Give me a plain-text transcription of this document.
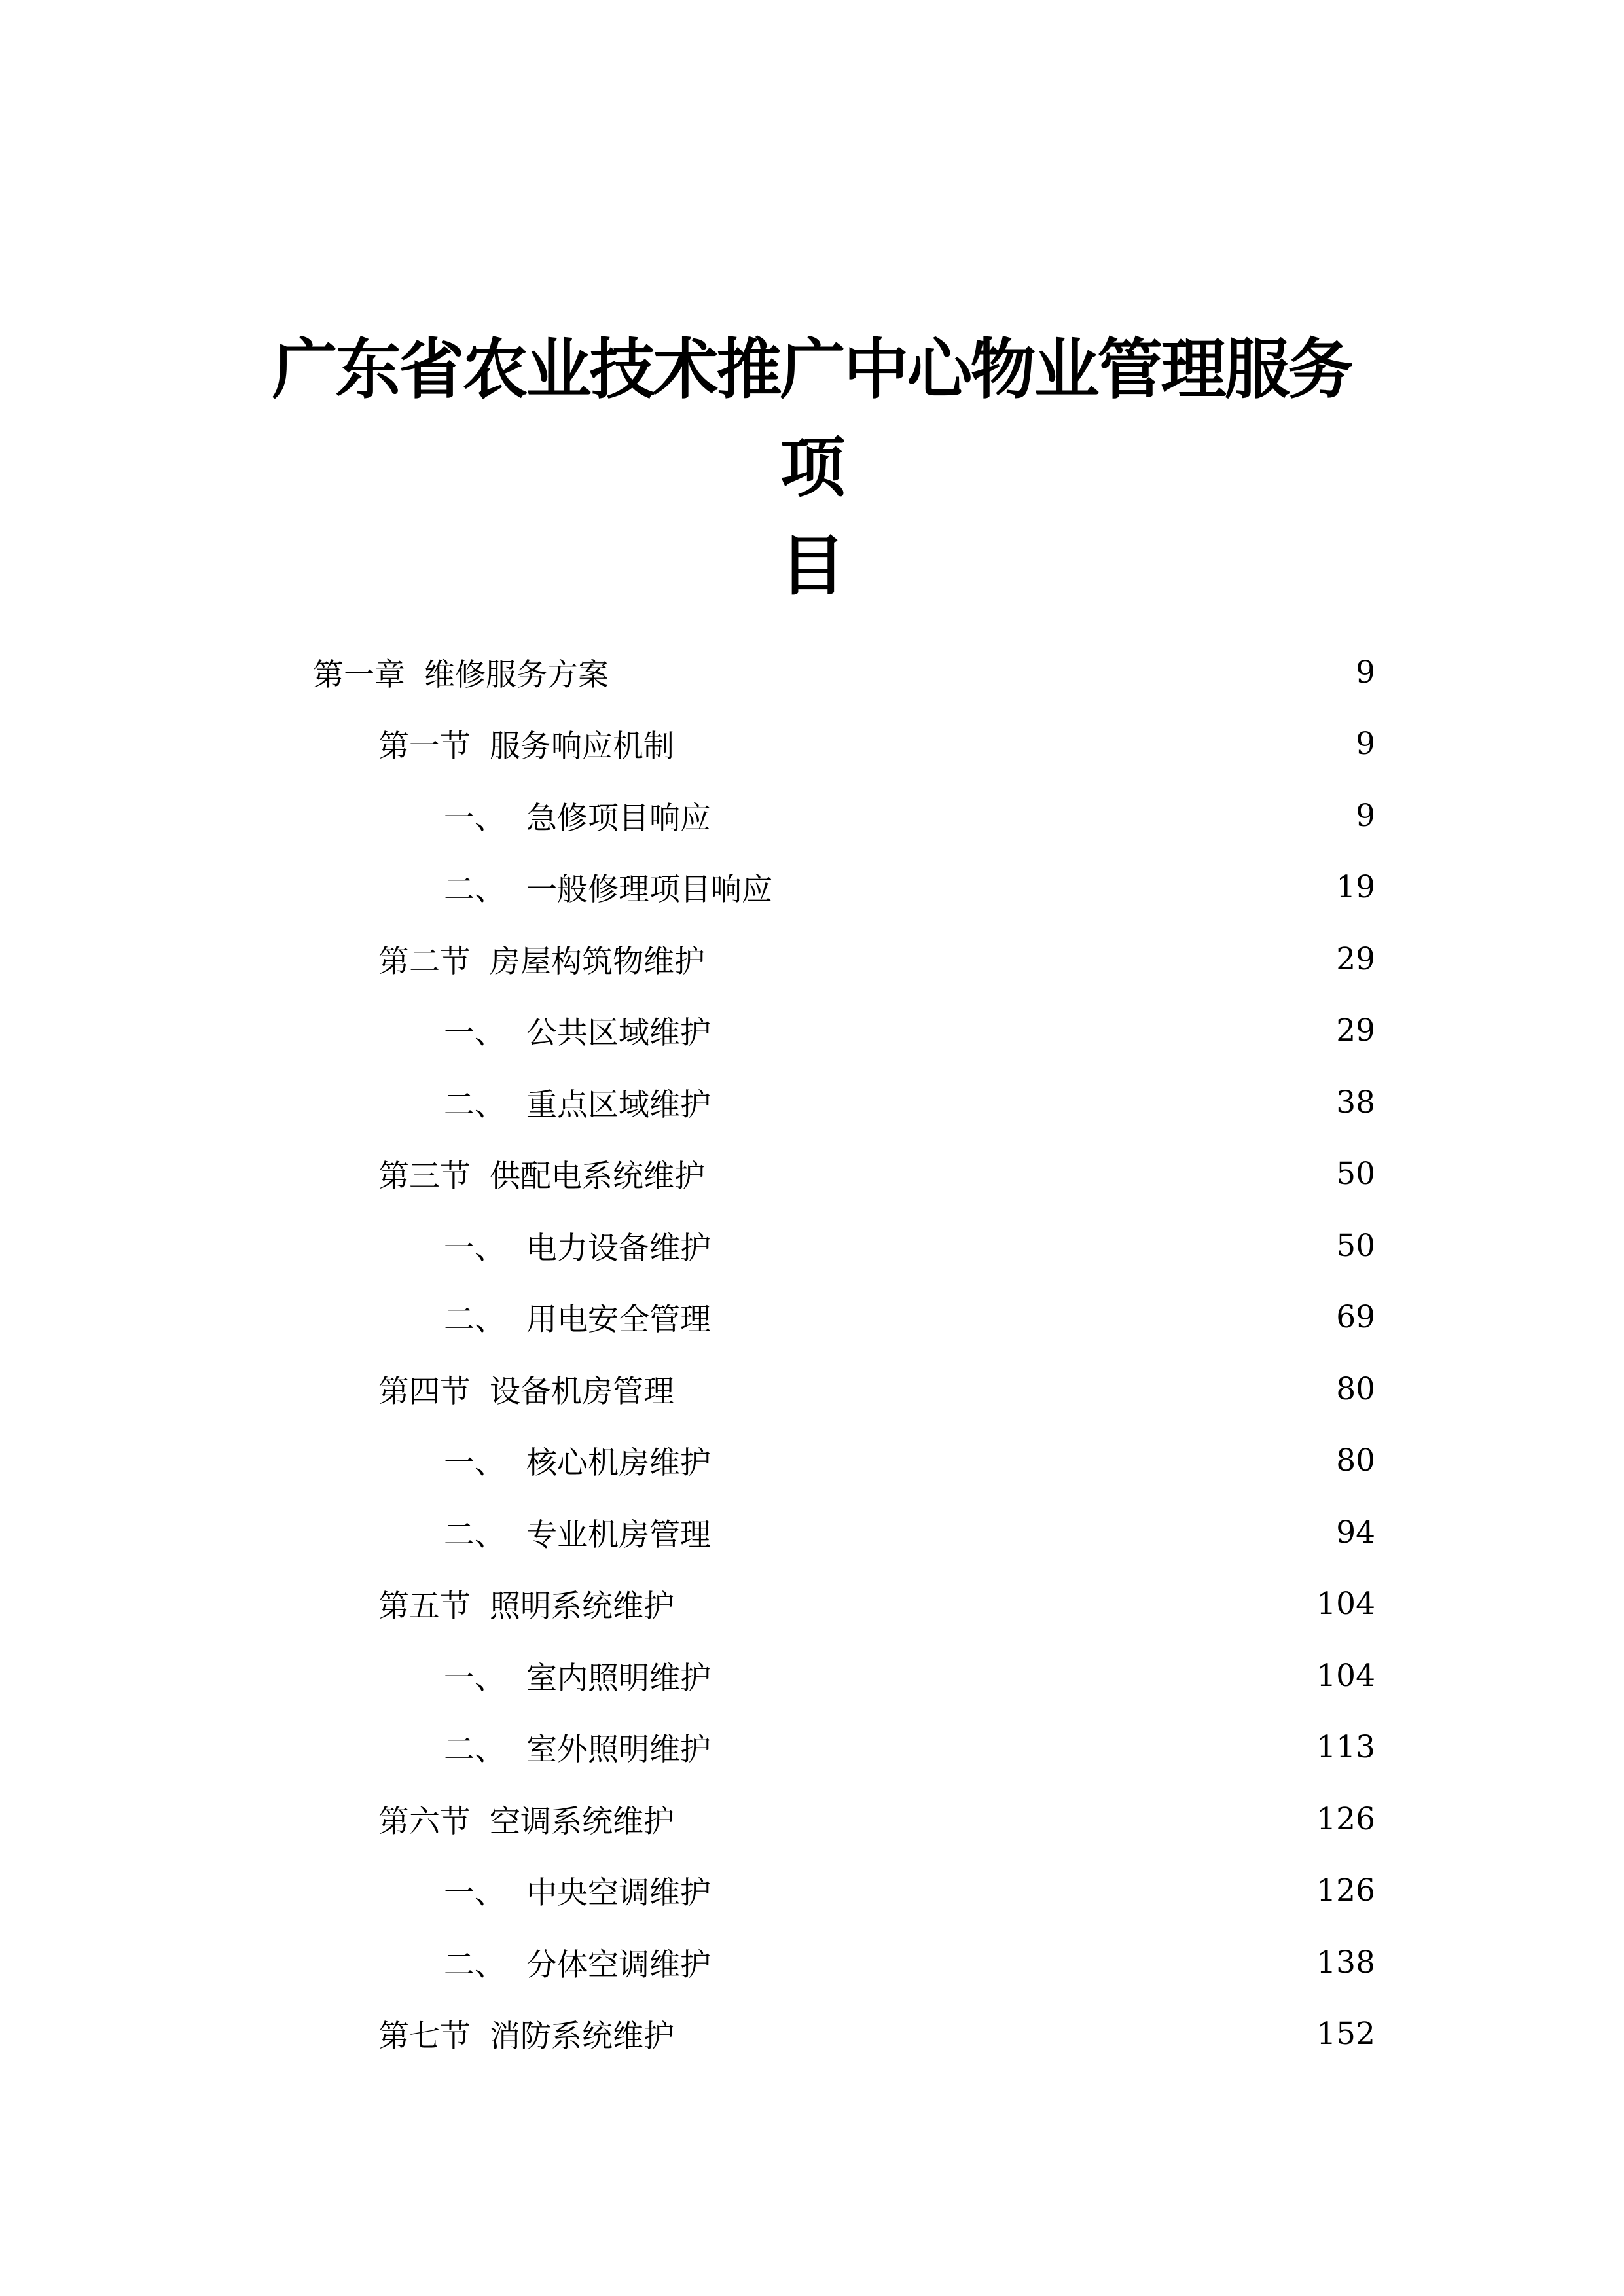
广东省农业技术推广中心物业管理服务项
目
第一章 维修服务方案	9
第一节 服务响应机制	9
一、 急修项目响应	9
二、 一般修理项目响应	19
第二节 房屋构筑物维护	29
一、 公共区域维护	29
二、 重点区域维护	38
第三节 供配电系统维护	50
一、 电力设备维护	50
二、 用电安全管理	69
第四节 设备机房管理	80
一、 核心机房维护	80
二、 专业机房管理	94
第五节 照明系统维护	104
一、 室内照明维护	104
二、 室外照明维护	113
第六节 空调系统维护	126
一、 中央空调维护	126
二、 分体空调维护	138
第七节 消防系统维护	152
